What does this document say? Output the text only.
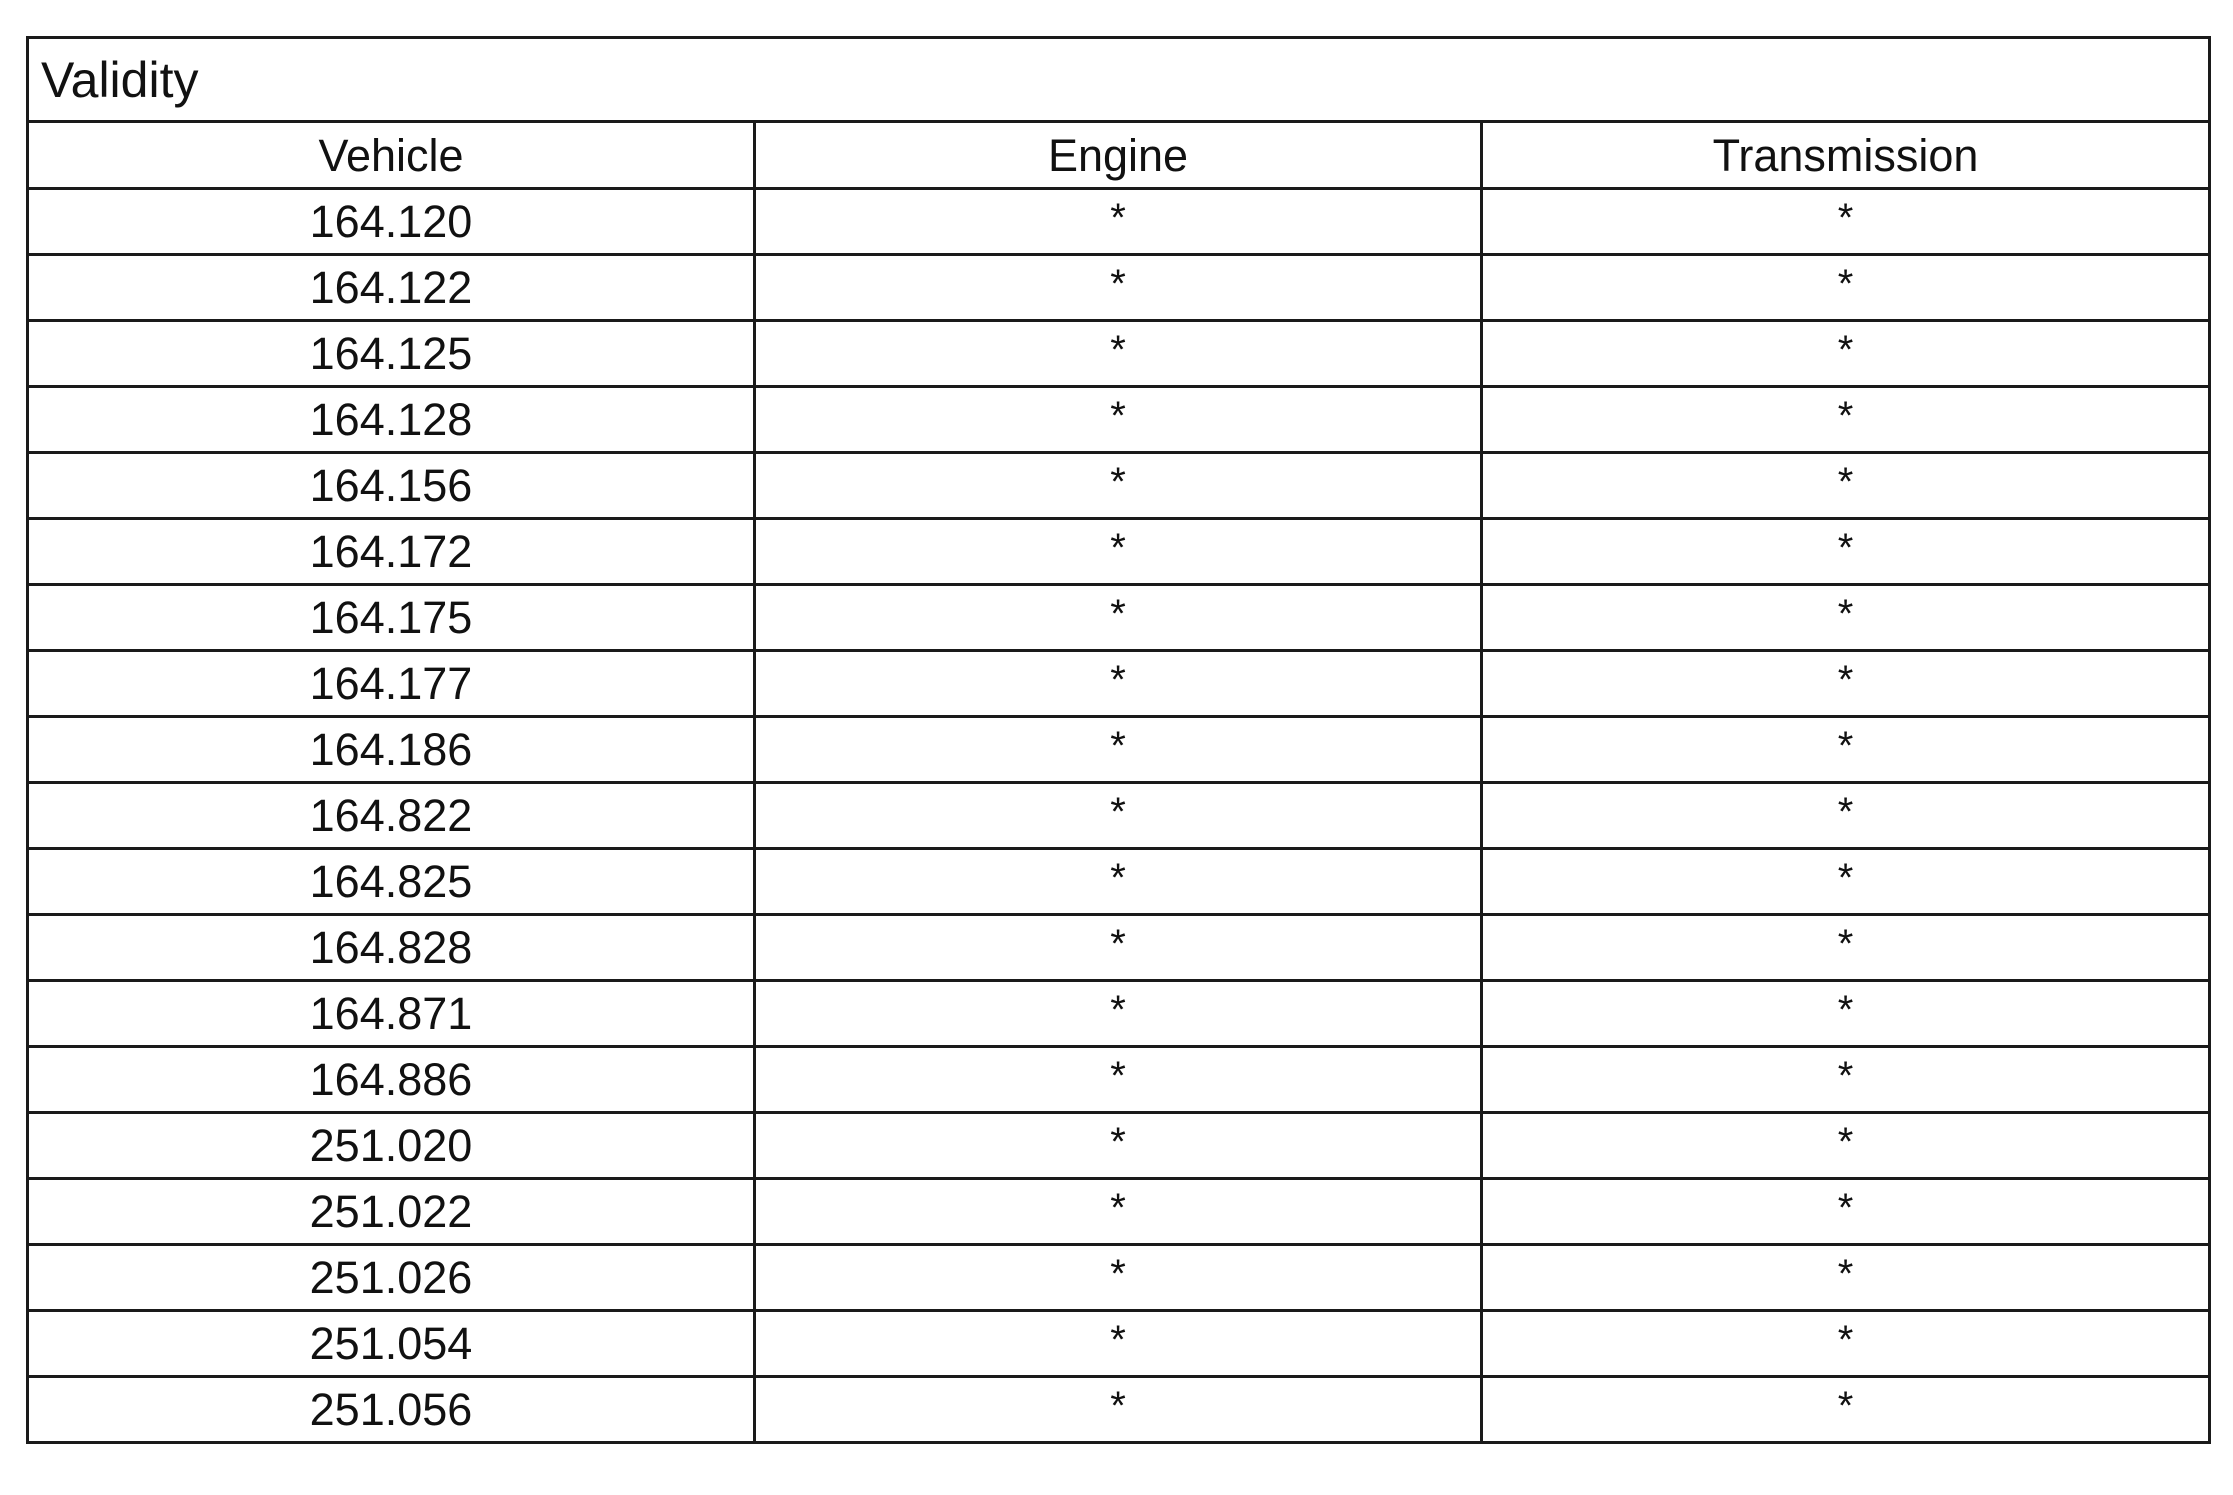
Validity		
Vehicle	Engine	Transmission
164.120	*	*
164.122	*	*
164.125	*	*
164.128	*	*
164.156	*	*
164.172	*	*
164.175	*	*
164.177	*	*
164.186	*	*
164.822	*	*
164.825	*	*
164.828	*	*
164.871	*	*
164.886	*	*
251.020	*	*
251.022	*	*
251.026	*	*
251.054	*	*
251.056	*	*
